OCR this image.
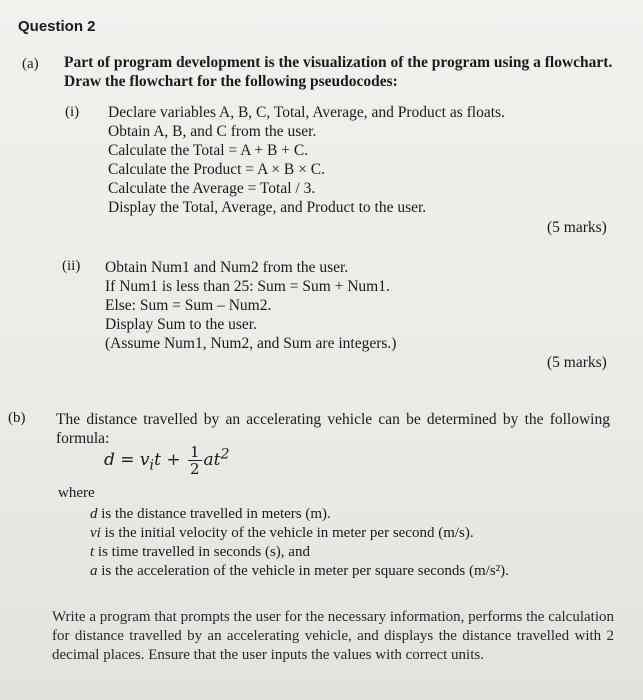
Question 2
(a) Part of program development is the visualization of the program using a flowchart.
Draw the flowchart for the following pseudocodes:
(i) Declare variables A, B, C, Total, Average, and Product as floats.
Obtain A, B, and C from the user.
Calculate the Total = A + B + C.
Calculate the Product = A × B × C.
Calculate the Average = Total / 3.
Display the Total, Average, and Product to the user.
(5 marks)
(ii) Obtain Num1 and Num2 from the user.
If Num1 is less than 25: Sum = Sum + Num1.
Else: Sum = Sum – Num2.
Display Sum to the user.
(Assume Num1, Num2, and Sum are integers.)
(5 marks)
(b) The distance travelled by an accelerating vehicle can be determined by the following formula:
$d = v_it + \frac{1}{2} at^2$
where
d is the distance travelled in meters (m).
vi is the initial velocity of the vehicle in meter per second (m/s).
t is time travelled in seconds (s), and
a is the acceleration of the vehicle in meter per square seconds (m/s²).
Write a program that prompts the user for the necessary information, performs the calculation for distance travelled by an accelerating vehicle, and displays the distance travelled with 2 decimal places. Ensure that the user inputs the values with correct units.
